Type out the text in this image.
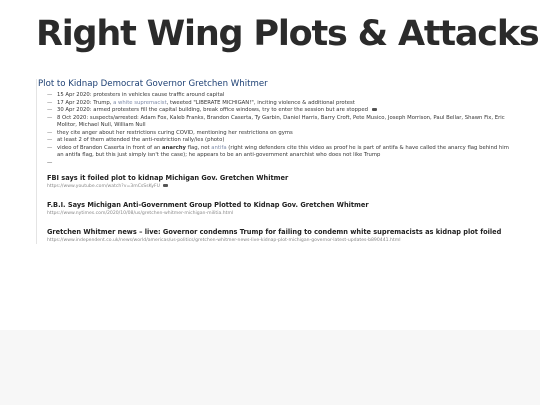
Right Wing Plots & Attacks
Plot to Kidnap Democrat Governor Gretchen Whitmer
— 15 Apr 2020: protesters in vehicles cause traffic around capital
— 17 Apr 2020: Trump, a white supremacist, tweeted "LIBERATE MICHIGAN!", inciting violence & additional protest
— 30 Apr 2020: armed protesters fill the capital building, break office windows, try to enter the session but are stopped
— 8 Oct 2020: suspects/arrested: Adam Fox, Kaleb Franks, Brandon Caserta, Ty Garbin, Daniel Harris, Barry Croft, Pete Musico, Joseph Morrison, Paul Bellar, Shawn Fix, Eric Molitor, Michael Null, William Null
— they cite anger about her restrictions curing COVID, mentioning her restrictions on gyms
— at least 2 of them attended the anti-restriction rally/ies (photo)
— video of Brandon Caserta in front of an anarchy flag, not antifa (right wing defenders cite this video as proof he is part of antifa & have called the anarcy flag behind him an antifa flag, but this just simply isn't the case); he appears to be an anti-government anarchist who does not like Trump
FBI says it foiled plot to kidnap Michigan Gov. Gretchen Whitmer
https://www.youtube.com/watch?v=3mCsSsKyFU
F.B.I. Says Michigan Anti-Government Group Plotted to Kidnap Gov. Gretchen Whitmer
https://www.nytimes.com/2020/10/08/us/gretchen-whitmer-michigan-militia.html
Gretchen Whitmer news – live: Governor condemns Trump for failing to condemn white supremacists as kidnap plot foiled
https://www.independent.co.uk/news/world/americas/us-politics/gretchen-whitmer-news-live-kidnap-plot-michigan-governor-latest-updates-b890441.html
